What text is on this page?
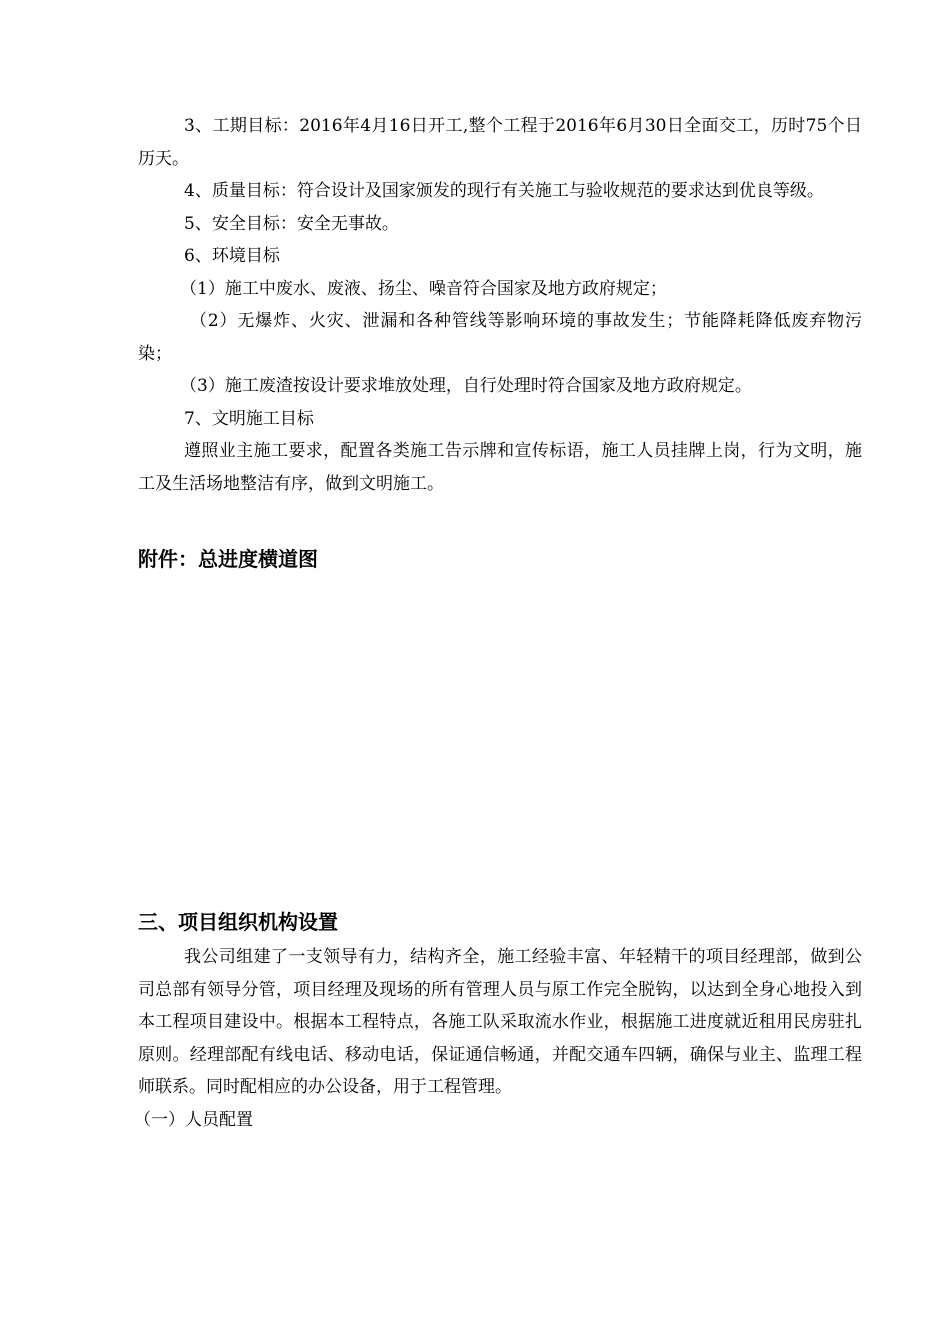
3、工期目标：2016年4月16日开工,整个工程于2016年6月30日全面交工，历时75个日历天。

4、质量目标：符合设计及国家颁发的现行有关施工与验收规范的要求达到优良等级。

5、安全目标：安全无事故。

6、环境目标

（1）施工中废水、废液、扬尘、噪音符合国家及地方政府规定；

（2）无爆炸、火灾、泄漏和各种管线等影响环境的事故发生；节能降耗降低废弃物污染；

（3）施工废渣按设计要求堆放处理，自行处理时符合国家及地方政府规定。

7、文明施工目标

遵照业主施工要求，配置各类施工告示牌和宣传标语，施工人员挂牌上岗，行为文明，施工及生活场地整洁有序，做到文明施工。

附件：总进度横道图
三、项目组织机构设置

我公司组建了一支领导有力，结构齐全，施工经验丰富、年轻精干的项目经理部，做到公司总部有领导分管，项目经理及现场的所有管理人员与原工作完全脱钩，以达到全身心地投入到本工程项目建设中。根据本工程特点，各施工队采取流水作业，根据施工进度就近租用民房驻扎原则。经理部配有线电话、移动电话，保证通信畅通，并配交通车四辆，确保与业主、监理工程师联系。同时配相应的办公设备，用于工程管理。

（一）人员配置
